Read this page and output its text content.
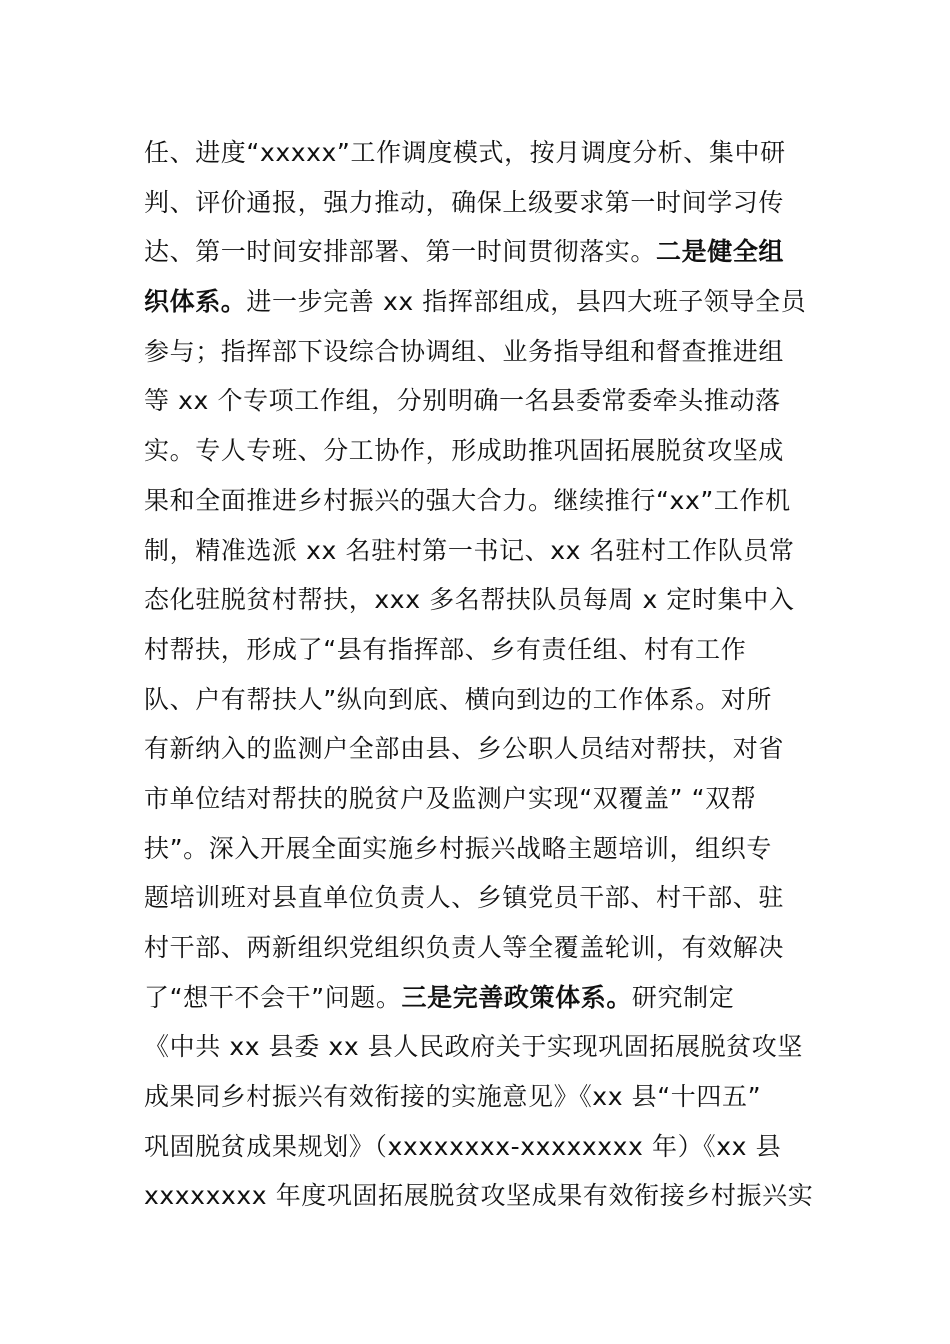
任、进度“xxxxx”工作调度模式，按月调度分析、集中研
判、评价通报，强力推动，确保上级要求第一时间学习传
达、第一时间安排部署、第一时间贯彻落实。二是健全组
织体系。进一步完善 xx 指挥部组成，县四大班子领导全员
参与；指挥部下设综合协调组、业务指导组和督查推进组
等 xx 个专项工作组，分别明确一名县委常委牵头推动落
实。专人专班、分工协作，形成助推巩固拓展脱贫攻坚成
果和全面推进乡村振兴的强大合力。继续推行“xx”工作机
制，精准选派 xx 名驻村第一书记、xx 名驻村工作队员常
态化驻脱贫村帮扶，xxx 多名帮扶队员每周 x 定时集中入
村帮扶，形成了“县有指挥部、乡有责任组、村有工作
队、户有帮扶人”纵向到底、横向到边的工作体系。对所
有新纳入的监测户全部由县、乡公职人员结对帮扶，对省
市单位结对帮扶的脱贫户及监测户实现“双覆盖” “双帮
扶”。深入开展全面实施乡村振兴战略主题培训，组织专
题培训班对县直单位负责人、乡镇党员干部、村干部、驻
村干部、两新组织党组织负责人等全覆盖轮训，有效解决
了“想干不会干”问题。三是完善政策体系。研究制定
《中共 xx 县委 xx 县人民政府关于实现巩固拓展脱贫攻坚
成果同乡村振兴有效衔接的实施意见》《xx 县“十四五”
巩固脱贫成果规划》（xxxxxxxx-xxxxxxxx 年）《xx 县
xxxxxxxx 年度巩固拓展脱贫攻坚成果有效衔接乡村振兴实
